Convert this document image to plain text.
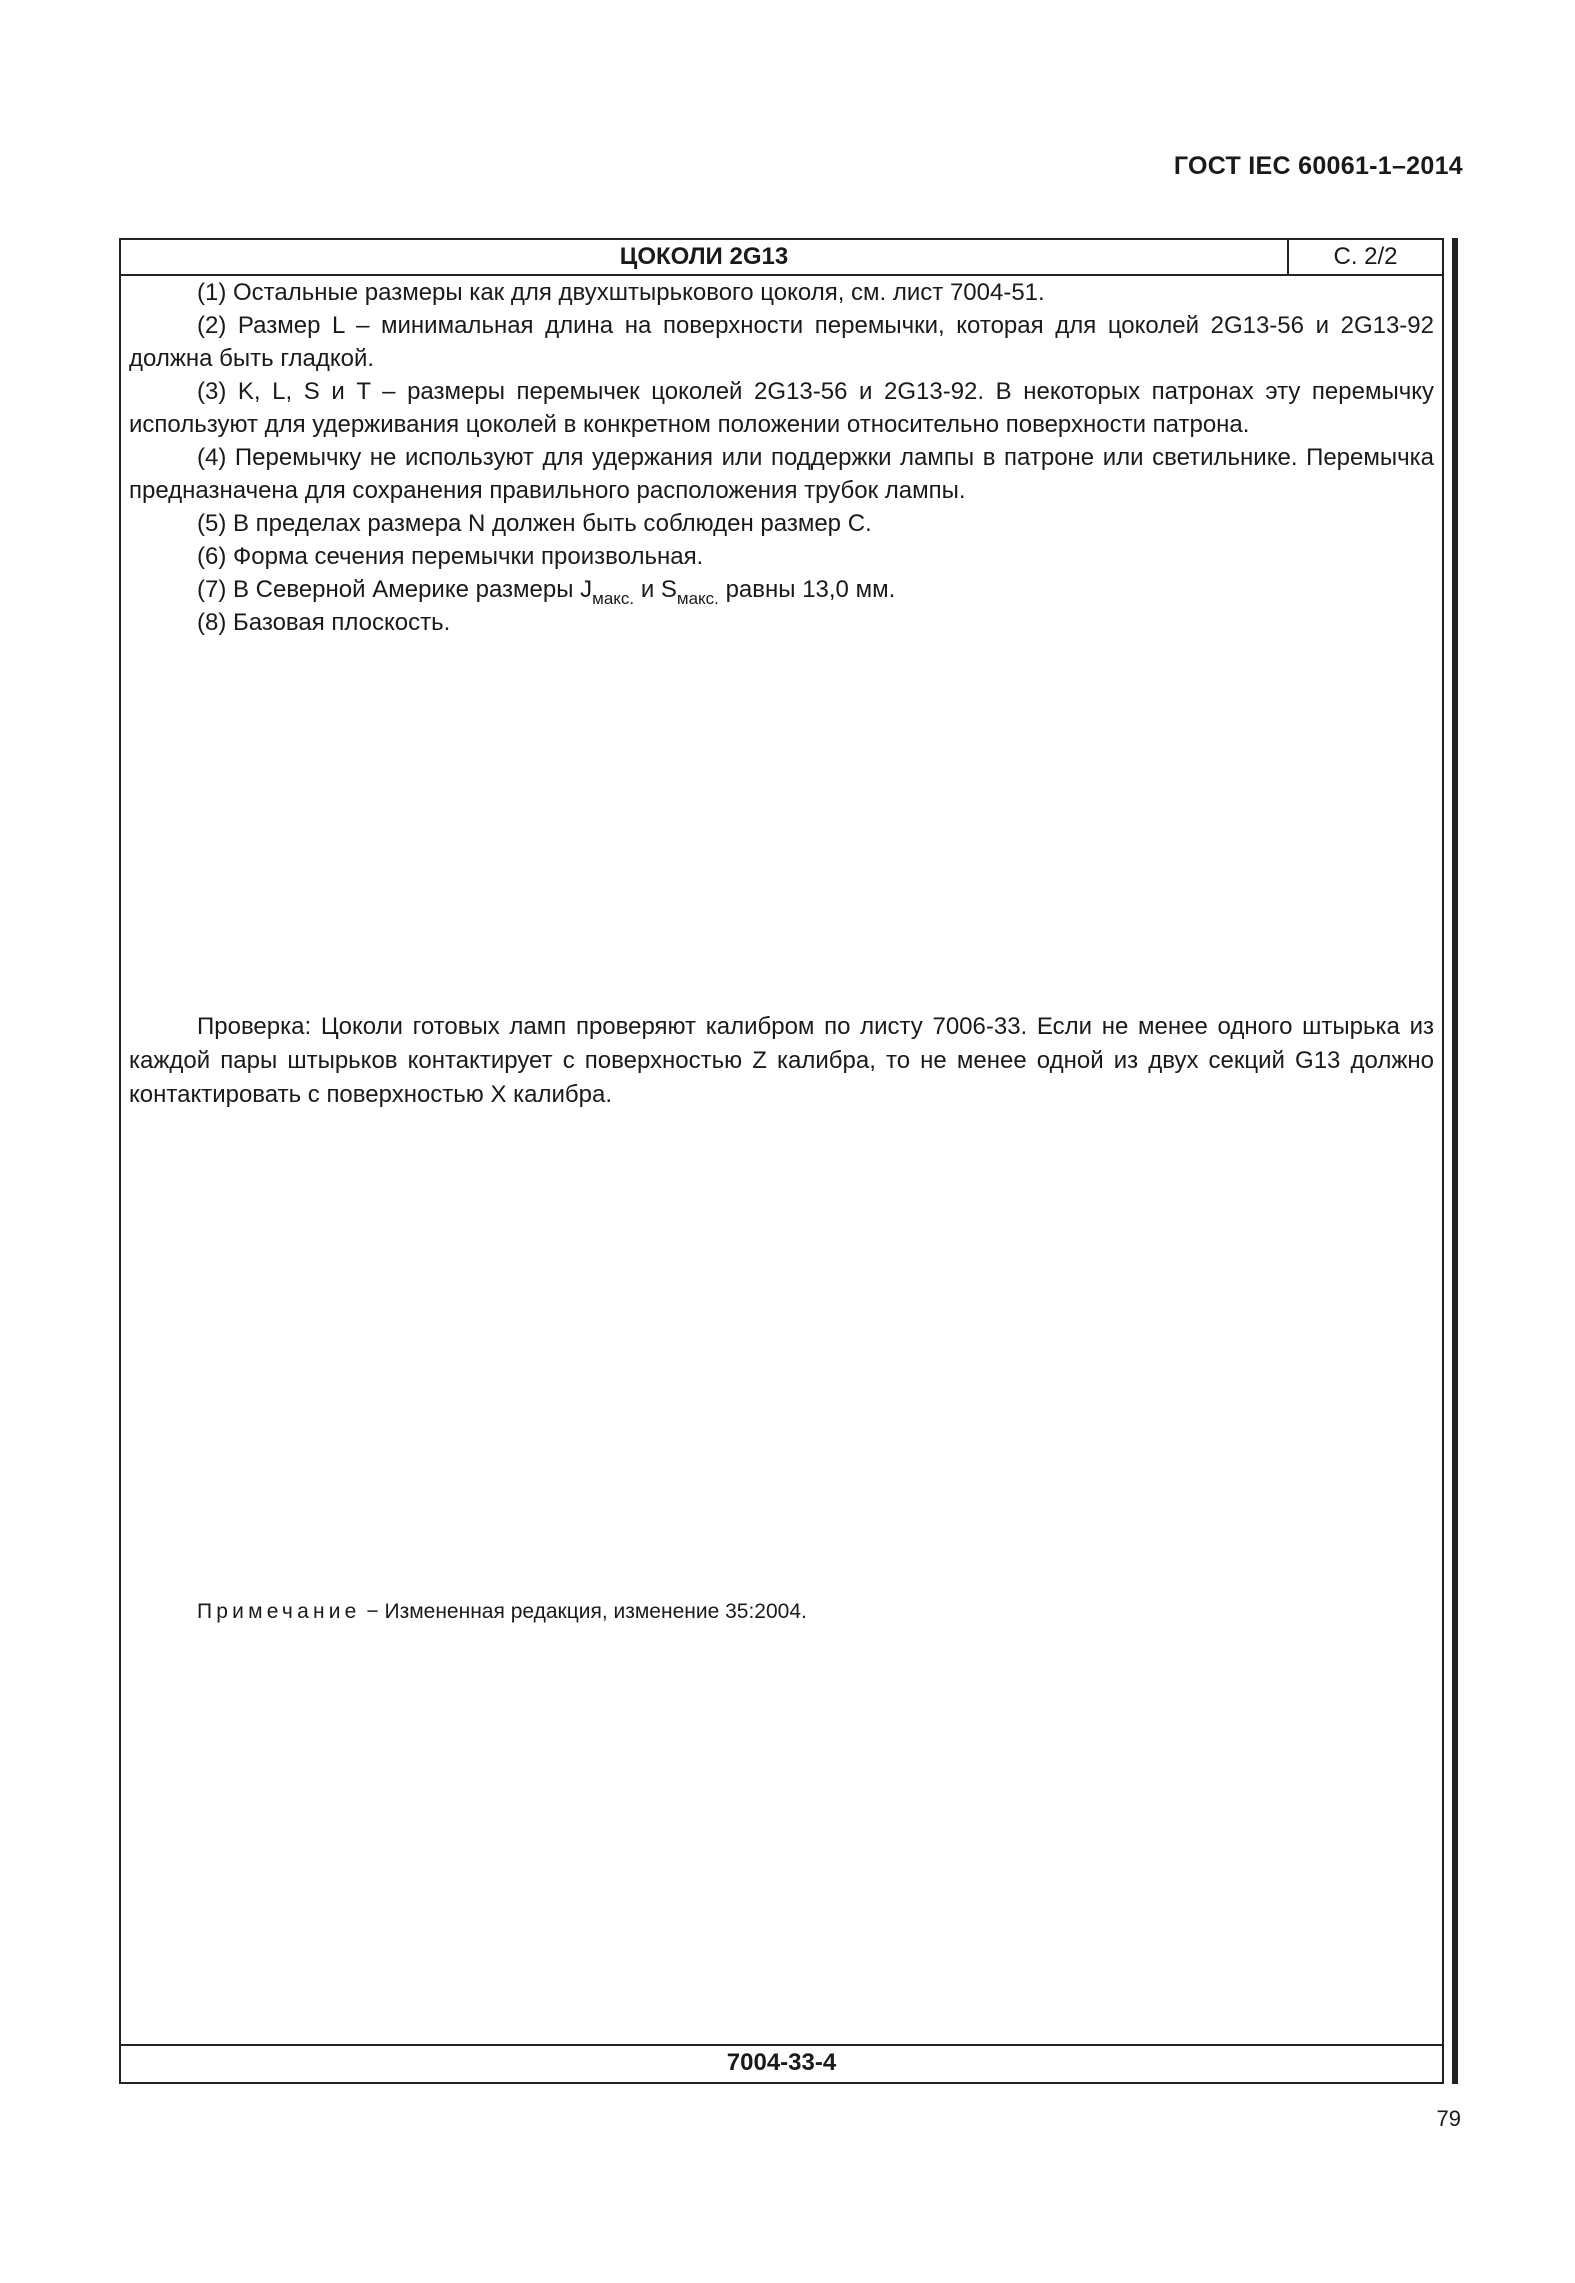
ГОСТ IEC 60061-1–2014
ЦОКОЛИ 2G13	С. 2/2

(1) Остальные размеры как для двухштырькового цоколя, см. лист 7004-51.

(2) Размер L – минимальная длина на поверхности перемычки, которая для цоколей 2G13-56 и 2G13-92 должна быть гладкой.

(3) K, L, S и T – размеры перемычек цоколей 2G13-56 и 2G13-92. В некоторых патронах эту перемычку используют для удерживания цоколей в конкретном положении относительно поверхности патрона.

(4) Перемычку не используют для удержания или поддержки лампы в патроне или светильнике. Перемычка предназначена для сохранения правильного расположения трубок лампы.

(5) В пределах размера N должен быть соблюден размер С.

(6) Форма сечения перемычки произвольная.

(7) В Северной Америке размеры $J_{макс.}$ и $S_{макс.}$ равны 13,0 мм.

(8) Базовая плоскость.

Проверка: Цоколи готовых ламп проверяют калибром по листу 7006-33. Если не менее одного штырька из каждой пары штырьков контактирует с поверхностью Z калибра, то не менее одной из двух секций G13 должно контактировать с поверхностью X калибра.

Примечание − Измененная редакция, изменение 35:2004.
7004-33-4
79
